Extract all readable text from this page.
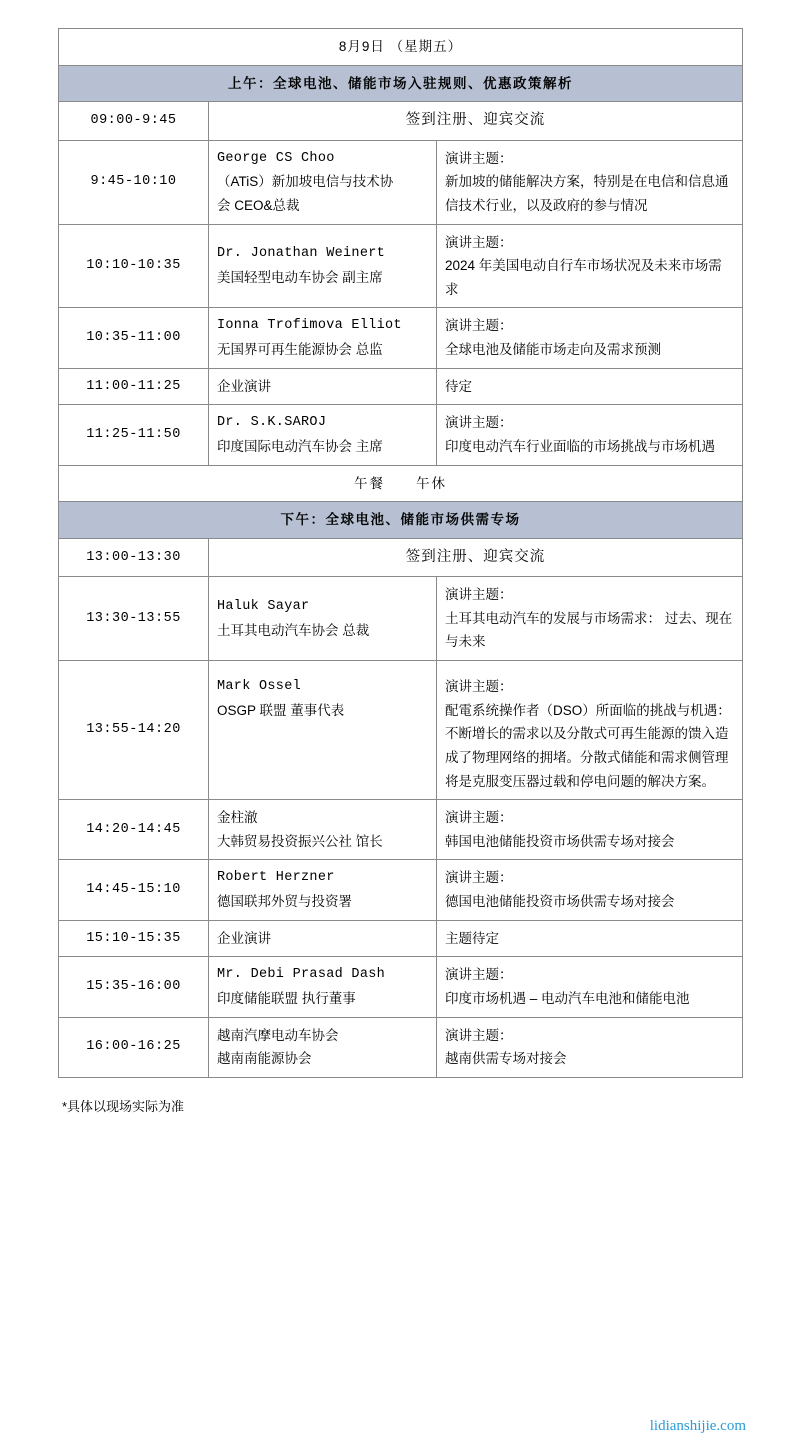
8月9日 （星期五）		
上午：全球电池、储能市场入驻规则、优惠政策解析		
09:00-9:45	签到注册、迎宾交流	
9:45-10:10	George CS Choo
（ATiS）新加坡电信与技术协
会 CEO&总裁	演讲主题：
新加坡的储能解决方案，特别是在电信和信息通信技术行业，以及政府的参与情况

10:10-10:35	Dr. Jonathan Weinert
美国轻型电动车协会 副主席	演讲主题：
2024 年美国电动自行车市场状况及未来市场需求

10:35-11:00	Ionna Trofimova Elliot
无国界可再生能源协会 总监	演讲主题：
全球电池及储能市场走向及需求预测

11:00-11:25	企业演讲	待定

11:25-11:50	Dr. S.K.SAROJ
印度国际电动汽车协会 主席	演讲主题：
印度电动汽车行业面临的市场挑战与市场机遇

午餐　　午休		
下午：全球电池、储能市场供需专场		
13:00-13:30	签到注册、迎宾交流	
13:30-13:55	Haluk Sayar
土耳其电动汽车协会 总裁	演讲主题：
土耳其电动汽车的发展与市场需求： 过去、现在与未来

13:55-14:20	Mark Ossel
OSGP 联盟 董事代表	演讲主题：
配電系统操作者（DSO）所面临的挑战与机遇：不断增长的需求以及分散式可再生能源的馈入造成了物理网络的拥堵。分散式储能和需求侧管理将是克服变压器过载和停电问题的解决方案。

14:20-14:45	金柱澈
大韩贸易投资振兴公社 馆长	演讲主题：
韩国电池储能投资市场供需专场对接会

14:45-15:10	Robert Herzner
德国联邦外贸与投资署	演讲主题：
德国电池储能投资市场供需专场对接会

15:10-15:35	企业演讲	主题待定

15:35-16:00	Mr. Debi Prasad Dash
印度储能联盟 执行董事	演讲主题：
印度市场机遇 – 电动汽车电池和储能电池

16:00-16:25	越南汽摩电动车协会
越南南能源协会	演讲主题：
越南供需专场对接会
*具体以现场实际为准
lidianshijie.com
